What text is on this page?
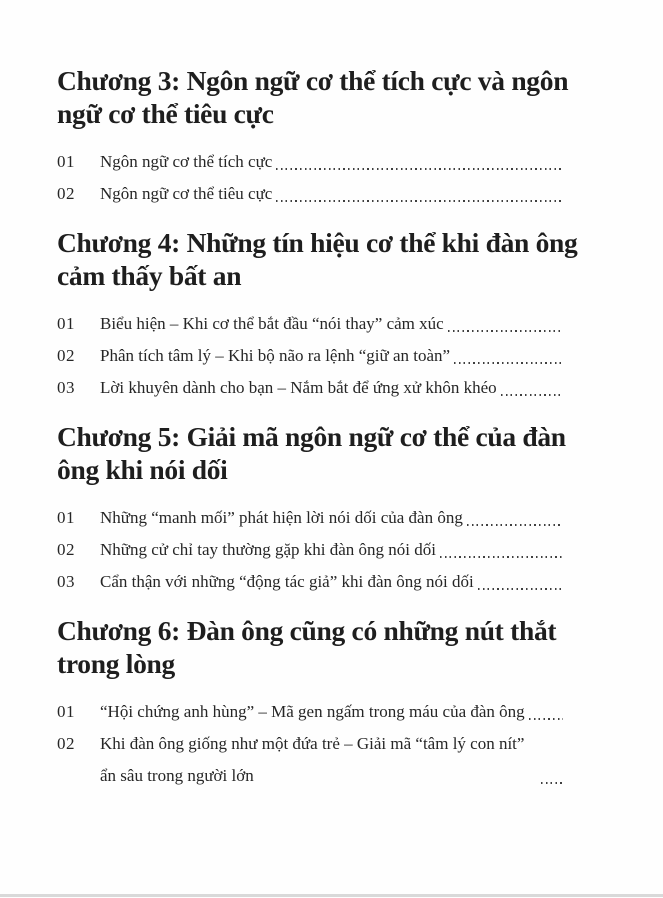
Chương 3: Ngôn ngữ cơ thể tích cực và ngôn ngữ cơ thể tiêu cực
01	Ngôn ngữ cơ thể tích cực
02	Ngôn ngữ cơ thể tiêu cực
Chương 4: Những tín hiệu cơ thể khi đàn ông cảm thấy bất an
01	Biểu hiện – Khi cơ thể bắt đầu “nói thay” cảm xúc
02	Phân tích tâm lý – Khi bộ não ra lệnh “giữ an toàn”
03	Lời khuyên dành cho bạn – Nắm bắt để ứng xử khôn khéo
Chương 5: Giải mã ngôn ngữ cơ thể của đàn ông khi nói dối
01	Những “manh mối” phát hiện lời nói dối của đàn ông
02	Những cử chỉ tay thường gặp khi đàn ông nói dối
03	Cẩn thận với những “động tác giả” khi đàn ông nói dối
Chương 6: Đàn ông cũng có những nút thắt trong lòng
01	“Hội chứng anh hùng” – Mã gen ngấm trong máu của đàn ông
02	Khi đàn ông giống như một đứa trẻ – Giải mã “tâm lý con nít” ẩn sâu trong người lớn
